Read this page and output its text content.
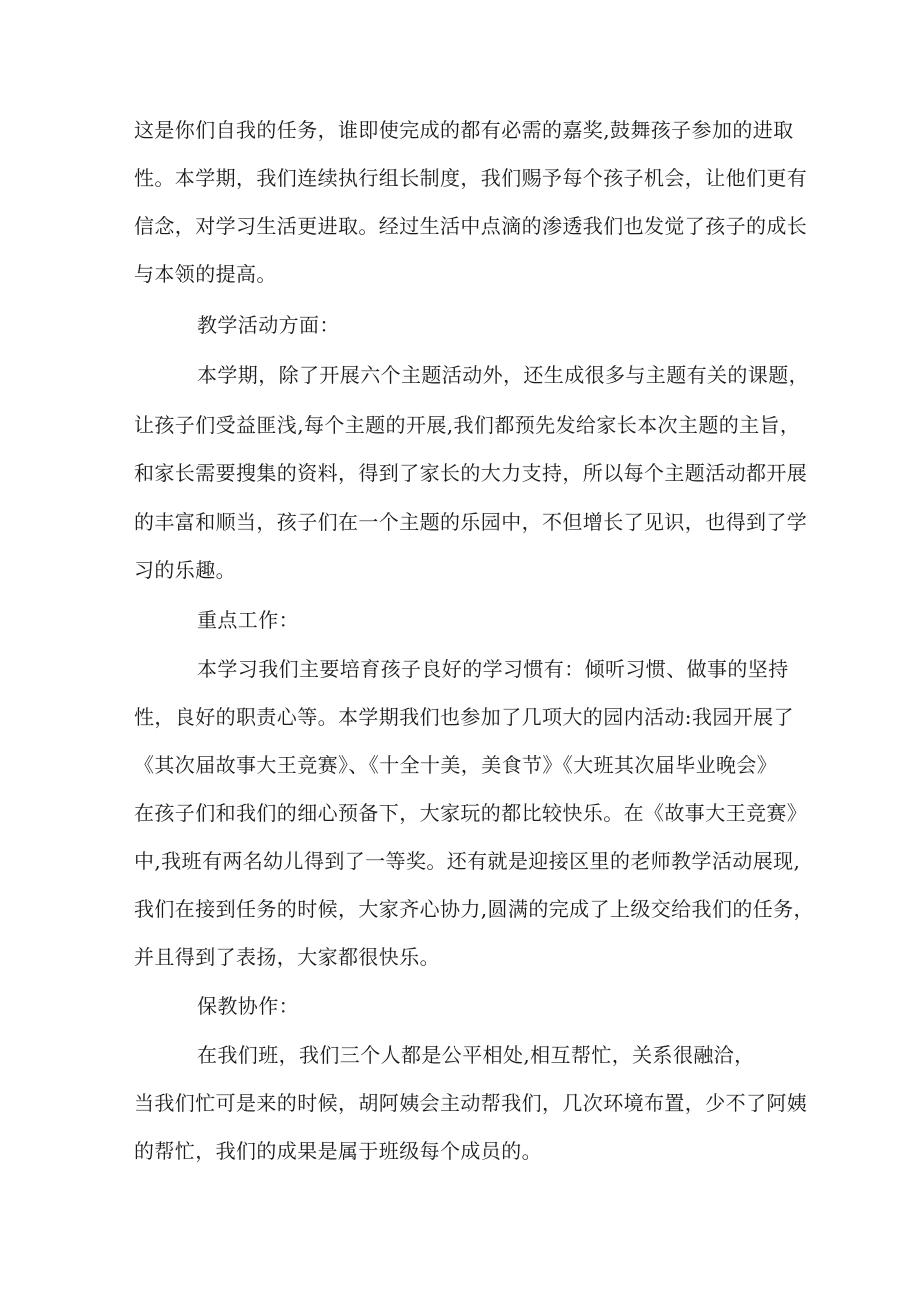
这是你们自我的任务，谁即使完成的都有必需的嘉奖,鼓舞孩子参加的进取
性。本学期，我们连续执行组长制度，我们赐予每个孩子机会，让他们更有
信念，对学习生活更进取。经过生活中点滴的渗透我们也发觉了孩子的成长
与本领的提高。
教学活动方面：
本学期，除了开展六个主题活动外，还生成很多与主题有关的课题，
让孩子们受益匪浅,每个主题的开展,我们都预先发给家长本次主题的主旨，
和家长需要搜集的资料，得到了家长的大力支持，所以每个主题活动都开展
的丰富和顺当，孩子们在一个主题的乐园中，不但增长了见识，也得到了学
习的乐趣。
重点工作：
本学习我们主要培育孩子良好的学习惯有：倾听习惯、做事的坚持
性，良好的职责心等。本学期我们也参加了几项大的园内活动:我园开展了
《其次届故事大王竞赛》、《十全十美，美食节》《大班其次届毕业晚会》
在孩子们和我们的细心预备下，大家玩的都比较快乐。在《故事大王竞赛》
中,我班有两名幼儿得到了一等奖。还有就是迎接区里的老师教学活动展现,
我们在接到任务的时候，大家齐心协力,圆满的完成了上级交给我们的任务，
并且得到了表扬，大家都很快乐。
保教协作：
在我们班，我们三个人都是公平相处,相互帮忙，关系很融洽，
当我们忙可是来的时候，胡阿姨会主动帮我们，几次环境布置，少不了阿姨
的帮忙，我们的成果是属于班级每个成员的。
